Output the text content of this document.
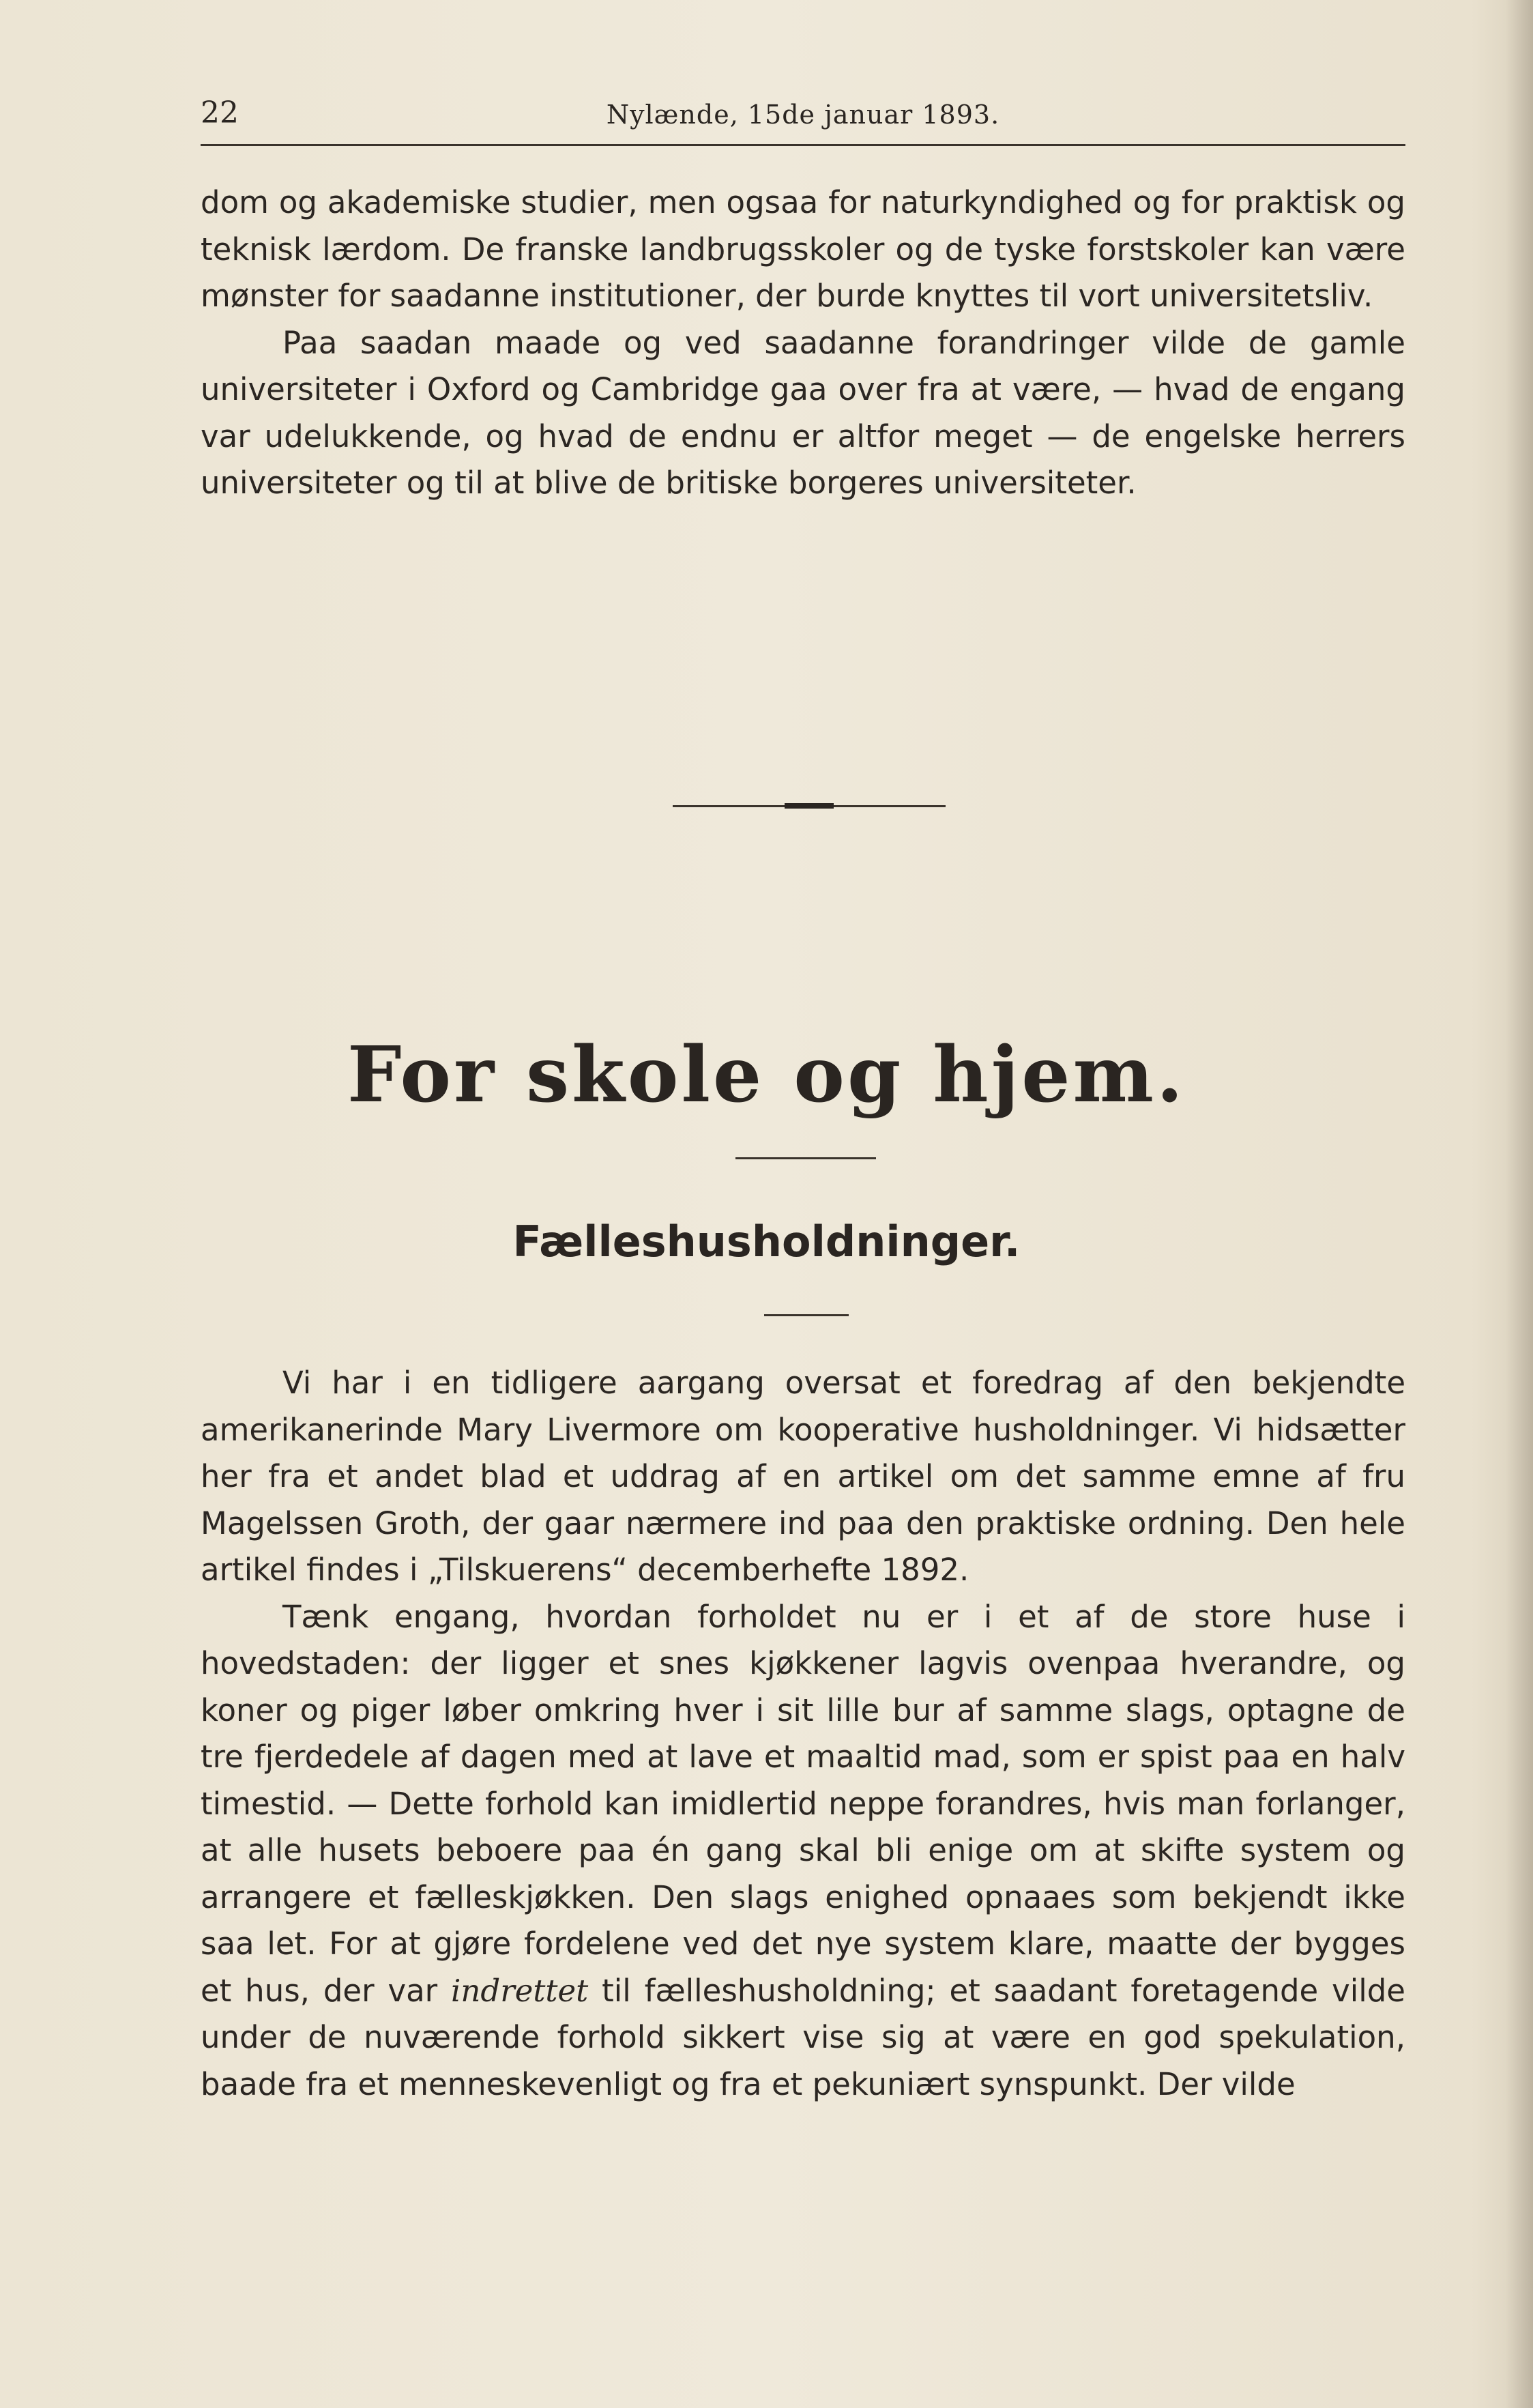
22	Nylænde, 15de januar 1893.

dom og akademiske studier, men ogsaa for naturkyndighed og for praktisk og teknisk lærdom. De franske landbrugsskoler og de tyske forstskoler kan være mønster for saadanne institutioner, der burde knyttes til vort universitetsliv.

Paa saadan maade og ved saadanne forandringer vilde de gamle universiteter i Oxford og Cambridge gaa over fra at være, — hvad de engang var udelukkende, og hvad de endnu er altfor meget — de engelske herrers universiteter og til at blive de britiske borgeres universiteter.

For skole og hjem.
Fælleshusholdninger.

Vi har i en tidligere aargang oversat et foredrag af den bekjendte amerikanerinde Mary Livermore om kooperative husholdninger. Vi hidsætter her fra et andet blad et uddrag af en artikel om det samme emne af fru Magelssen Groth, der gaar nærmere ind paa den praktiske ordning. Den hele artikel findes i „Tilskuerens“ decemberhefte 1892.

Tænk engang, hvordan forholdet nu er i et af de store huse i hovedstaden: der ligger et snes kjøkkener lagvis ovenpaa hverandre, og koner og piger løber omkring hver i sit lille bur af samme slags, optagne de tre fjerdedele af dagen med at lave et maaltid mad, som er spist paa en halv timestid. — Dette forhold kan imidlertid neppe forandres, hvis man forlanger, at alle husets beboere paa én gang skal bli enige om at skifte system og arrangere et fælleskjøkken. Den slags enighed opnaaes som bekjendt ikke saa let. For at gjøre fordelene ved det nye system klare, maatte der bygges et hus, der var indrettet til fælleshusholdning; et saadant foretagende vilde under de nuværende forhold sikkert vise sig at være en god spekulation, baade fra et menneskevenligt og fra et pekuniært synspunkt. Der vilde
